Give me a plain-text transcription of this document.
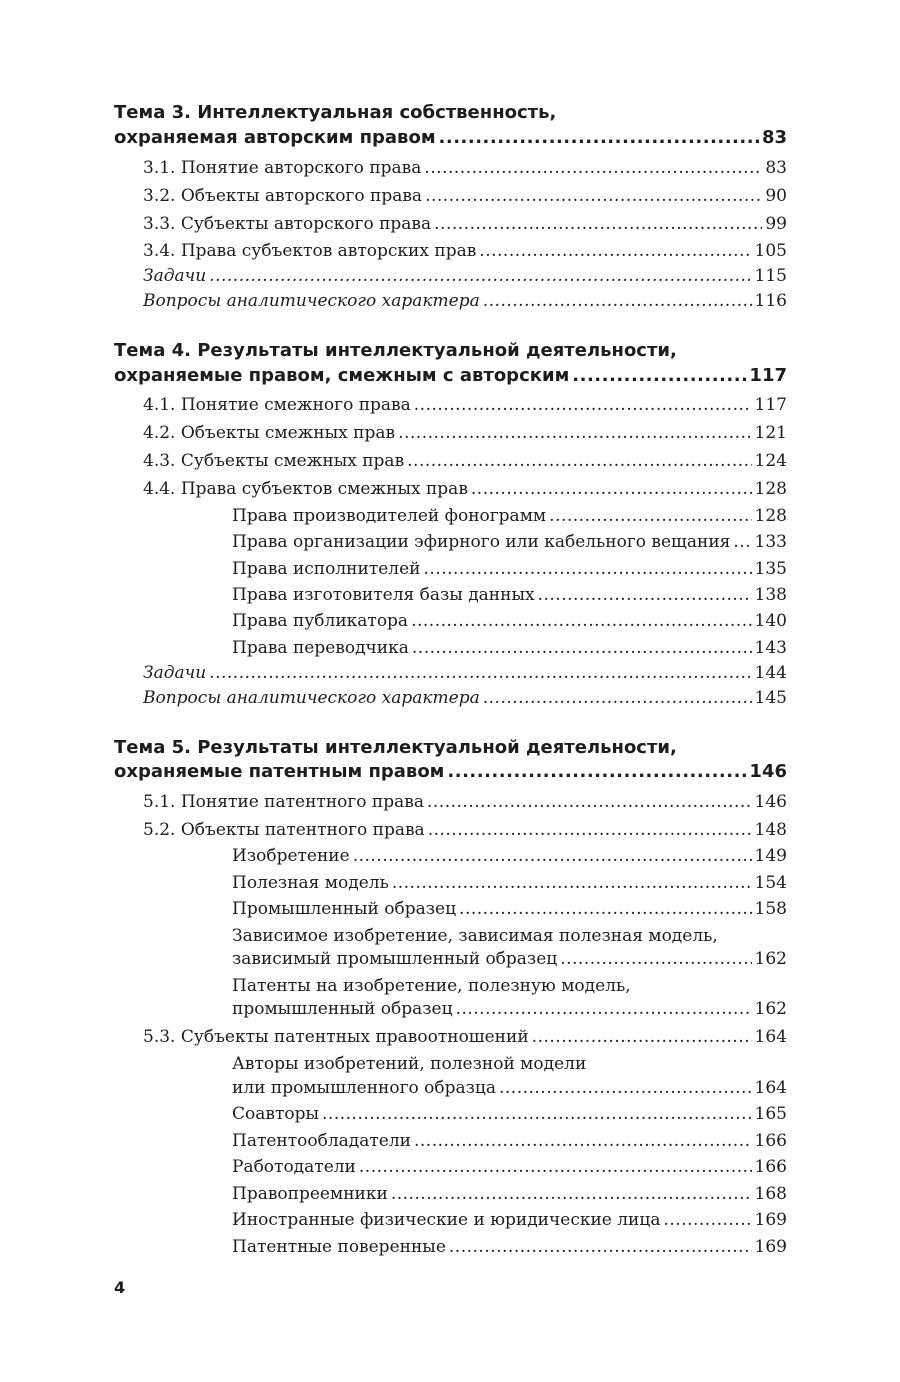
Тема 3. Интеллектуальная собственность,
охраняемая авторским правом .....	83
3.1. Понятие авторского права .....	83
3.2. Объекты авторского права .....	90
3.3. Субъекты авторского права .....	99
3.4. Права субъектов авторских прав .....	105
Задачи .....	115
Вопросы аналитического характера .....	116
Тема 4. Результаты интеллектуальной деятельности,
охраняемые правом, смежным с авторским .....	117
4.1. Понятие смежного права .....	117
4.2. Объекты смежных прав .....	121
4.3. Субъекты смежных прав .....	124
4.4. Права субъектов смежных прав .....	128
Права производителей фонограмм .....	128
Права организации эфирного или кабельного вещания ..... 133
Права исполнителей .....	135
Права изготовителя базы данных .....	138
Права публикатора .....	140
Права переводчика .....	143
Задачи .....	144
Вопросы аналитического характера .....	145
Тема 5. Результаты интеллектуальной деятельности,
охраняемые патентным правом .....	146
5.1. Понятие патентного права .....	146
5.2. Объекты патентного права .....	148
Изобретение .....	149
Полезная модель .....	154
Промышленный образец .....	158
Зависимое изобретение, зависимая полезная модель,
зависимый промышленный образец .....	162
Патенты на изобретение, полезную модель,
промышленный образец .....	162
5.3. Субъекты патентных правоотношений .....	164
Авторы изобретений, полезной модели
или промышленного образца .....	164
Соавторы .....	165
Патентообладатели .....	166
Работодатели .....	166
Правопреемники .....	168
Иностранные физические и юридические лица .....	169
Патентные поверенные .....	169
4
